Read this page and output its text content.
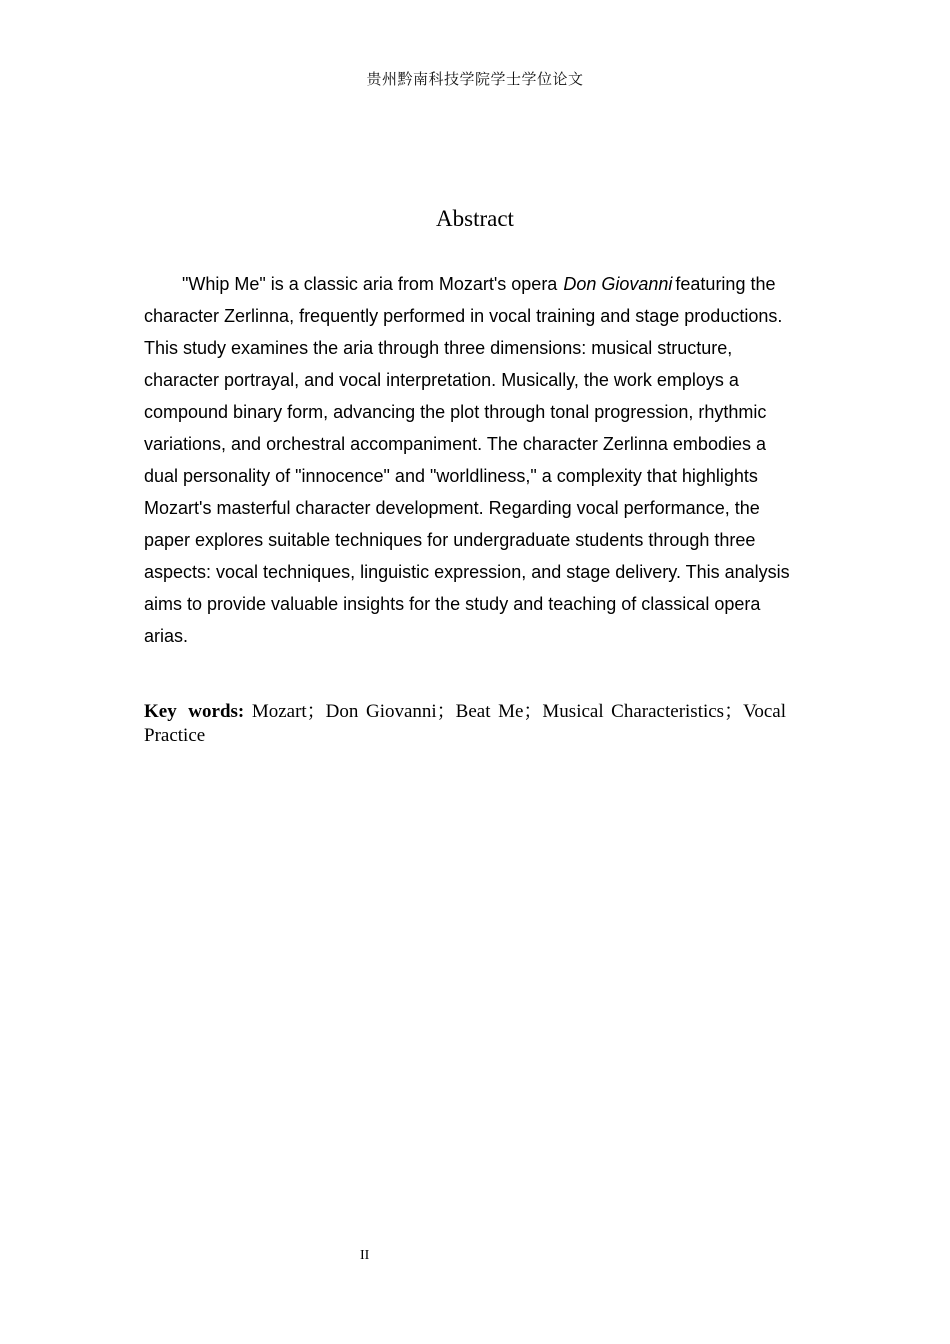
贵州黔南科技学院学士学位论文
Abstract

"Whip Me" is a classic aria from Mozart's opera Don Giovanni featuring the character Zerlinna, frequently performed in vocal training and stage productions. This study examines the aria through three dimensions: musical structure, character portrayal, and vocal interpretation. Musically, the work employs a compound binary form, advancing the plot through tonal progression, rhythmic variations, and orchestral accompaniment. The character Zerlinna embodies a dual personality of "innocence" and "worldliness," a complexity that highlights Mozart's masterful character development. Regarding vocal performance, the paper explores suitable techniques for undergraduate students through three aspects: vocal techniques, linguistic expression, and stage delivery. This analysis aims to provide valuable insights for the study and teaching of classical opera arias.

Key words: Mozart；Don Giovanni；Beat Me；Musical Characteristics；Vocal Practice

II
